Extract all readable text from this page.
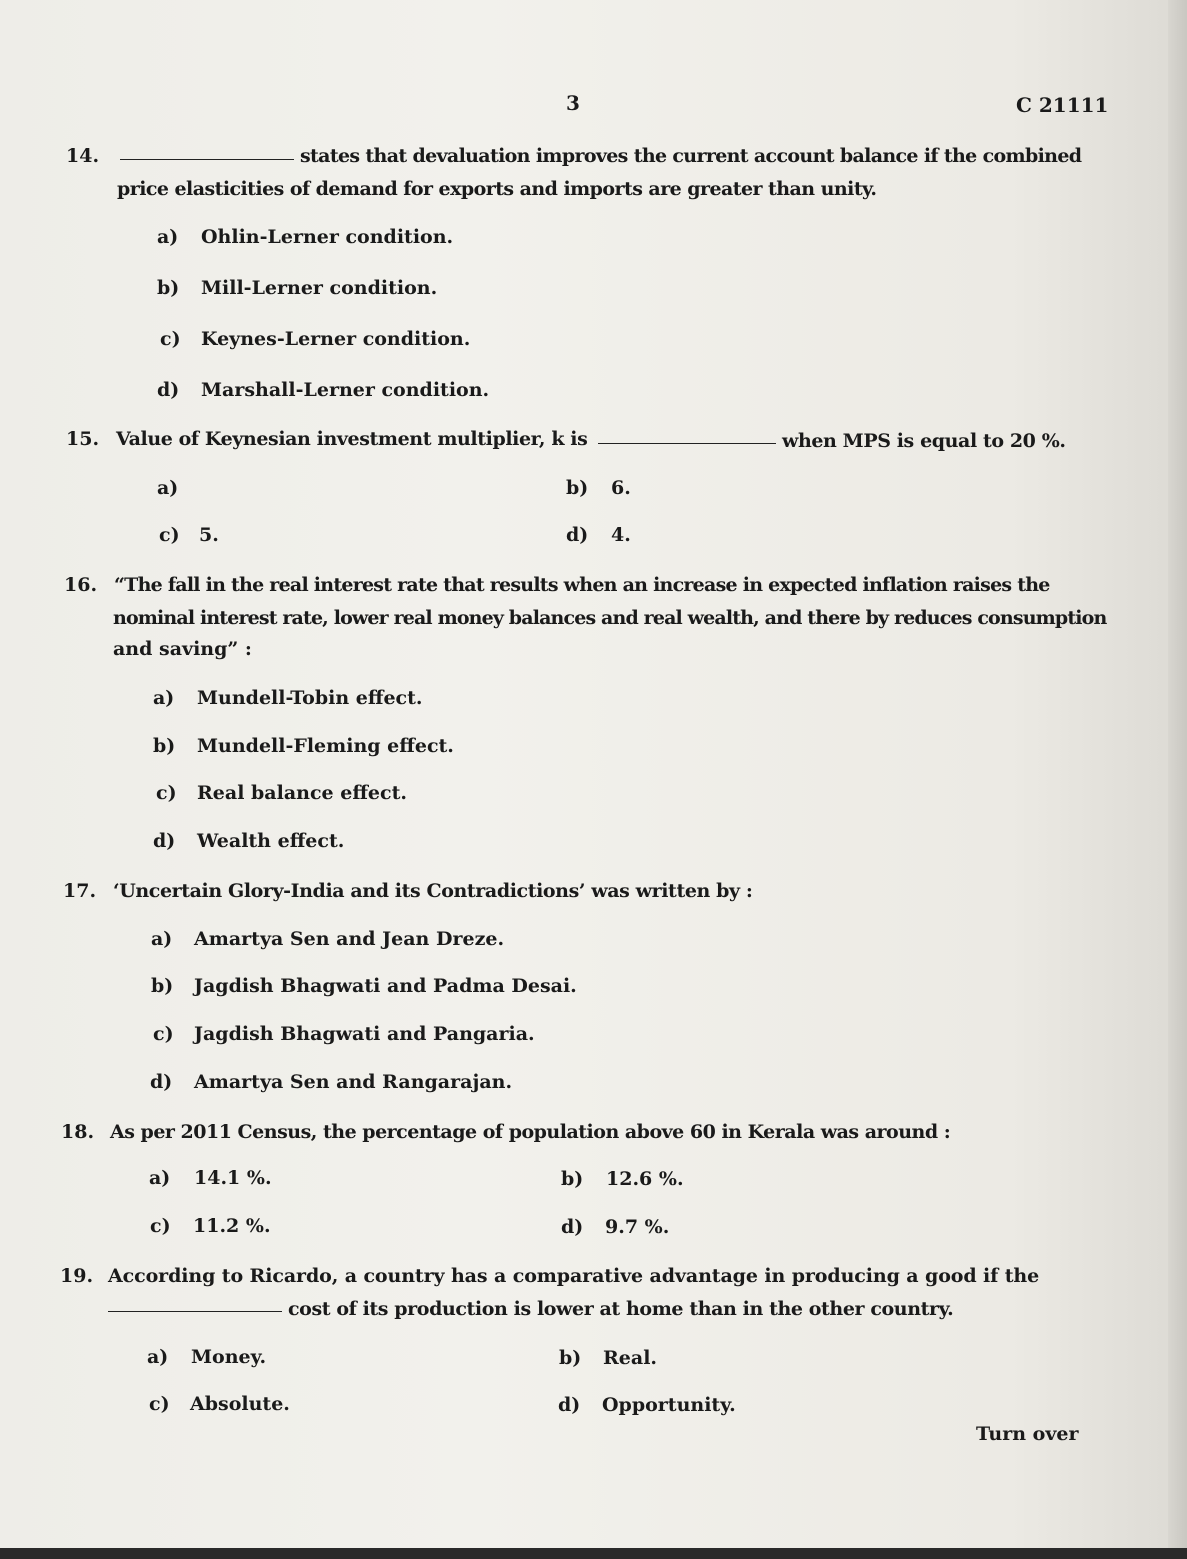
3	C 21111
14.	states that devaluation improves the current account balance if the combined
price elasticities of demand for exports and imports are greater than unity.
a) Ohlin-Lerner condition.
b) Mill-Lerner condition.
c) Keynes-Lerner condition.
d) Marshall-Lerner condition.
15. Value of Keynesian investment multiplier, k is	when MPS is equal to 20 %.
a)	b) 6.
c) 5.	d) 4.
16. “The fall in the real interest rate that results when an increase in expected inflation raises the
nominal interest rate, lower real money balances and real wealth, and there by reduces consumption
and saving” :
a) Mundell-Tobin effect.
b) Mundell-Fleming effect.
c) Real balance effect.
d) Wealth effect.
17. ‘Uncertain Glory-India and its Contradictions’ was written by :
a) Amartya Sen and Jean Dreze.
b) Jagdish Bhagwati and Padma Desai.
c) Jagdish Bhagwati and Pangaria.
d) Amartya Sen and Rangarajan.
18. As per 2011 Census, the percentage of population above 60 in Kerala was around :
a) 14.1 %.	b) 12.6 %.
c) 11.2 %.	d) 9.7 %.
19. According to Ricardo, a country has a comparative advantage in producing a good if the
cost of its production is lower at home than in the other country.
a) Money.	b) Real.
c) Absolute.	d) Opportunity.
Turn over
